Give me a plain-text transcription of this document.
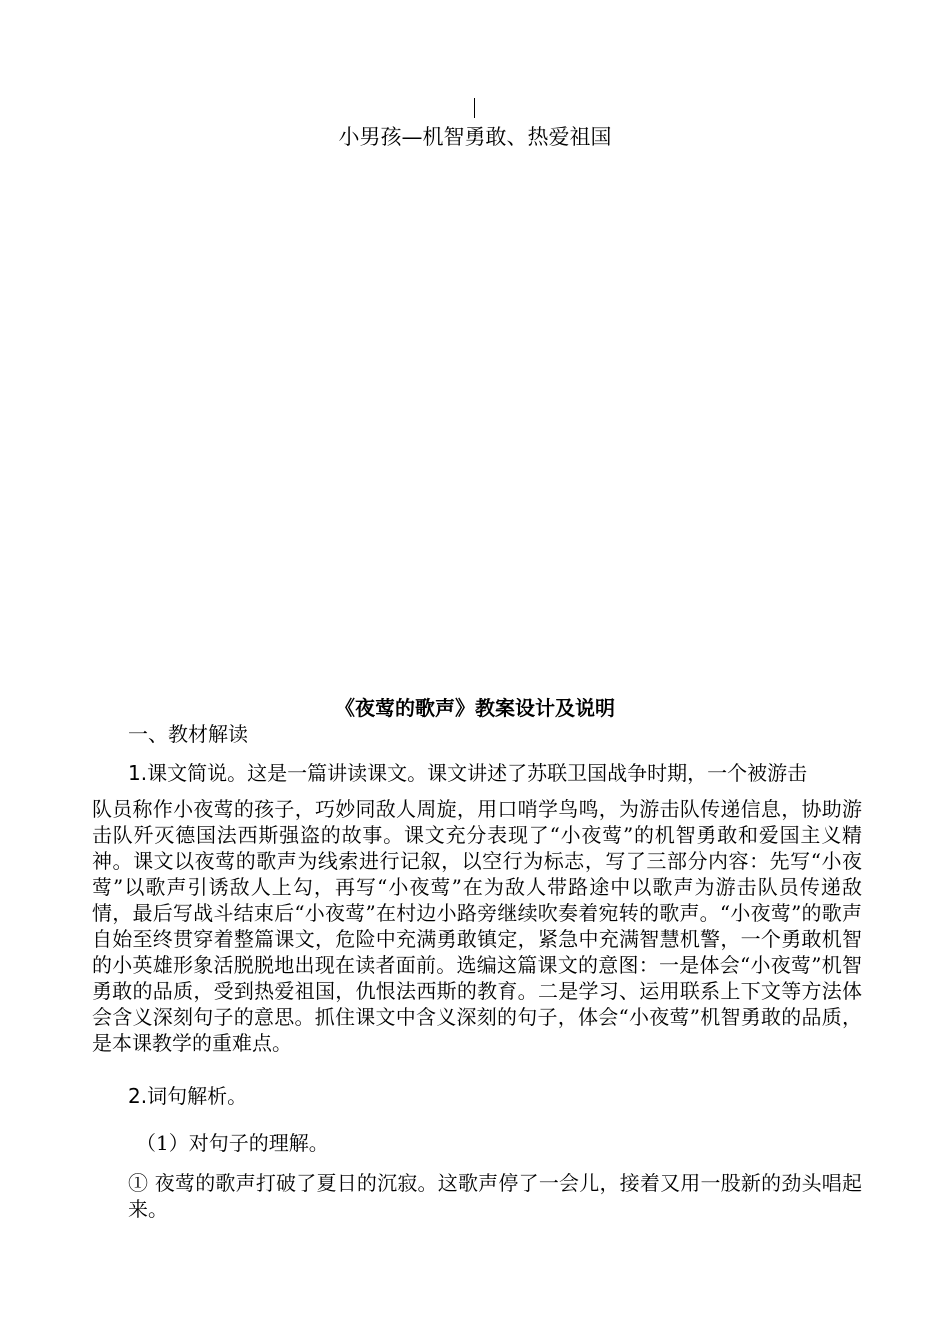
小男孩—机智勇敢、热爱祖国
《夜莺的歌声》教案设计及说明
一、教材解读

1.课文简说。这是一篇讲读课文。课文讲述了苏联卫国战争时期，一个被游击
队员称作小夜莺的孩子，巧妙同敌人周旋，用口哨学鸟鸣，为游击队传递信息，协助游击队歼灭德国法西斯强盗的故事。课文充分表现了“小夜莺”的机智勇敢和爱国主义精神。课文以夜莺的歌声为线索进行记叙，以空行为标志，写了三部分内容：先写“小夜莺”以歌声引诱敌人上勾，再写“小夜莺”在为敌人带路途中以歌声为游击队员传递敌情，最后写战斗结束后“小夜莺”在村边小路旁继续吹奏着宛转的歌声。“小夜莺”的歌声自始至终贯穿着整篇课文，危险中充满勇敢镇定，紧急中充满智慧机警，一个勇敢机智的小英雄形象活脱脱地出现在读者面前。选编这篇课文的意图：一是体会“小夜莺”机智勇敢的品质，受到热爱祖国，仇恨法西斯的教育。二是学习、运用联系上下文等方法体会含义深刻句子的意思。抓住课文中含义深刻的句子，体会“小夜莺”机智勇敢的品质，是本课教学的重难点。

2.词句解析。

（1）对句子的理解。

① 夜莺的歌声打破了夏日的沉寂。这歌声停了一会儿，接着又用一股新的劲头唱起来。
